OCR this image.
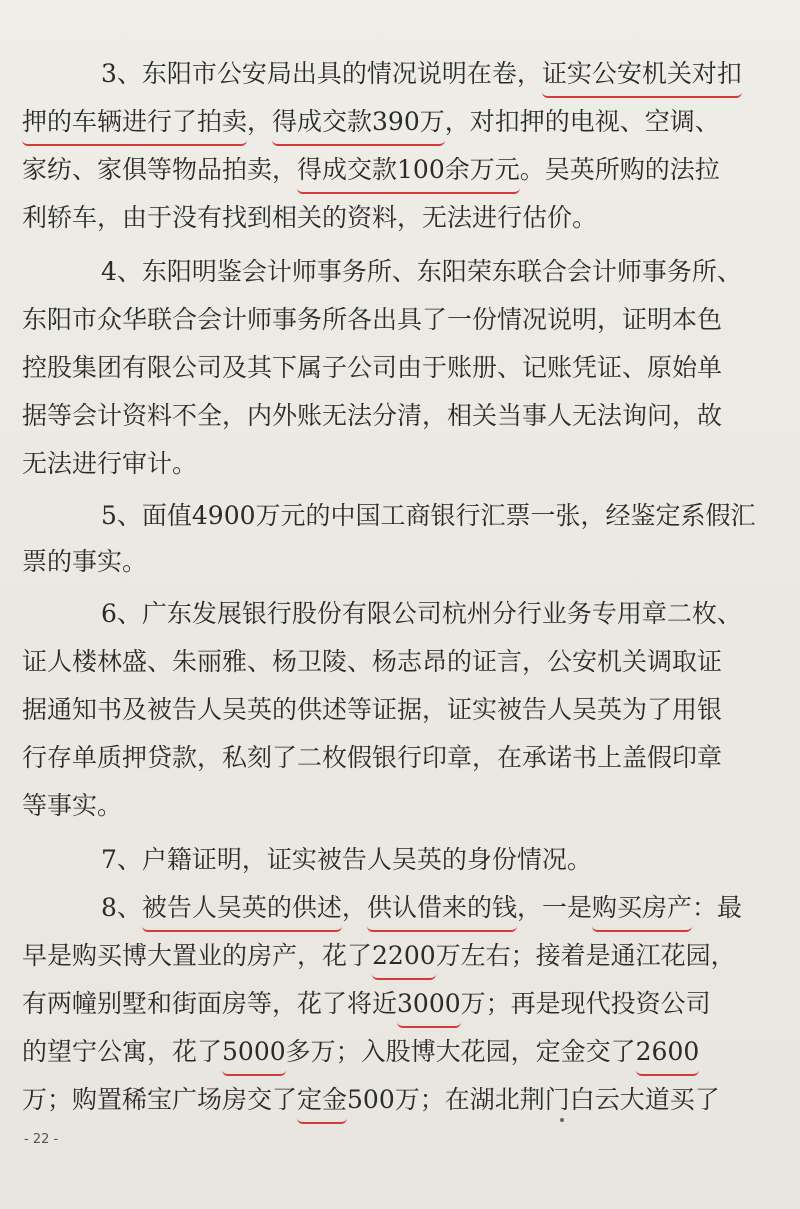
　3、东阳市公安局出具的情况说明在卷，证实公安机关对扣
押的车辆进行了拍卖，得成交款390万，对扣押的电视、空调、
家纺、家俱等物品拍卖，得成交款100余万元。吴英所购的法拉
利轿车，由于没有找到相关的资料，无法进行估价。
　4、东阳明鉴会计师事务所、东阳荣东联合会计师事务所、
东阳市众华联合会计师事务所各出具了一份情况说明，证明本色
控股集团有限公司及其下属子公司由于账册、记账凭证、原始单
据等会计资料不全，内外账无法分清，相关当事人无法询问，故
无法进行审计。
　5、面值4900万元的中国工商银行汇票一张，经鉴定系假汇
票的事实。
　6、广东发展银行股份有限公司杭州分行业务专用章二枚、
证人楼林盛、朱丽雅、杨卫陵、杨志昂的证言，公安机关调取证
据通知书及被告人吴英的供述等证据，证实被告人吴英为了用银
行存单质押贷款，私刻了二枚假银行印章，在承诺书上盖假印章
等事实。
　7、户籍证明，证实被告人吴英的身份情况。
　8、被告人吴英的供述，供认借来的钱，一是购买房产：最
早是购买博大置业的房产，花了2200万左右；接着是通江花园，
有两幢别墅和街面房等，花了将近3000万；再是现代投资公司
的望宁公寓，花了5000多万；入股博大花园，定金交了2600
万；购置稀宝广场房交了定金500万；在湖北荆门白云大道买了
- 22 -
